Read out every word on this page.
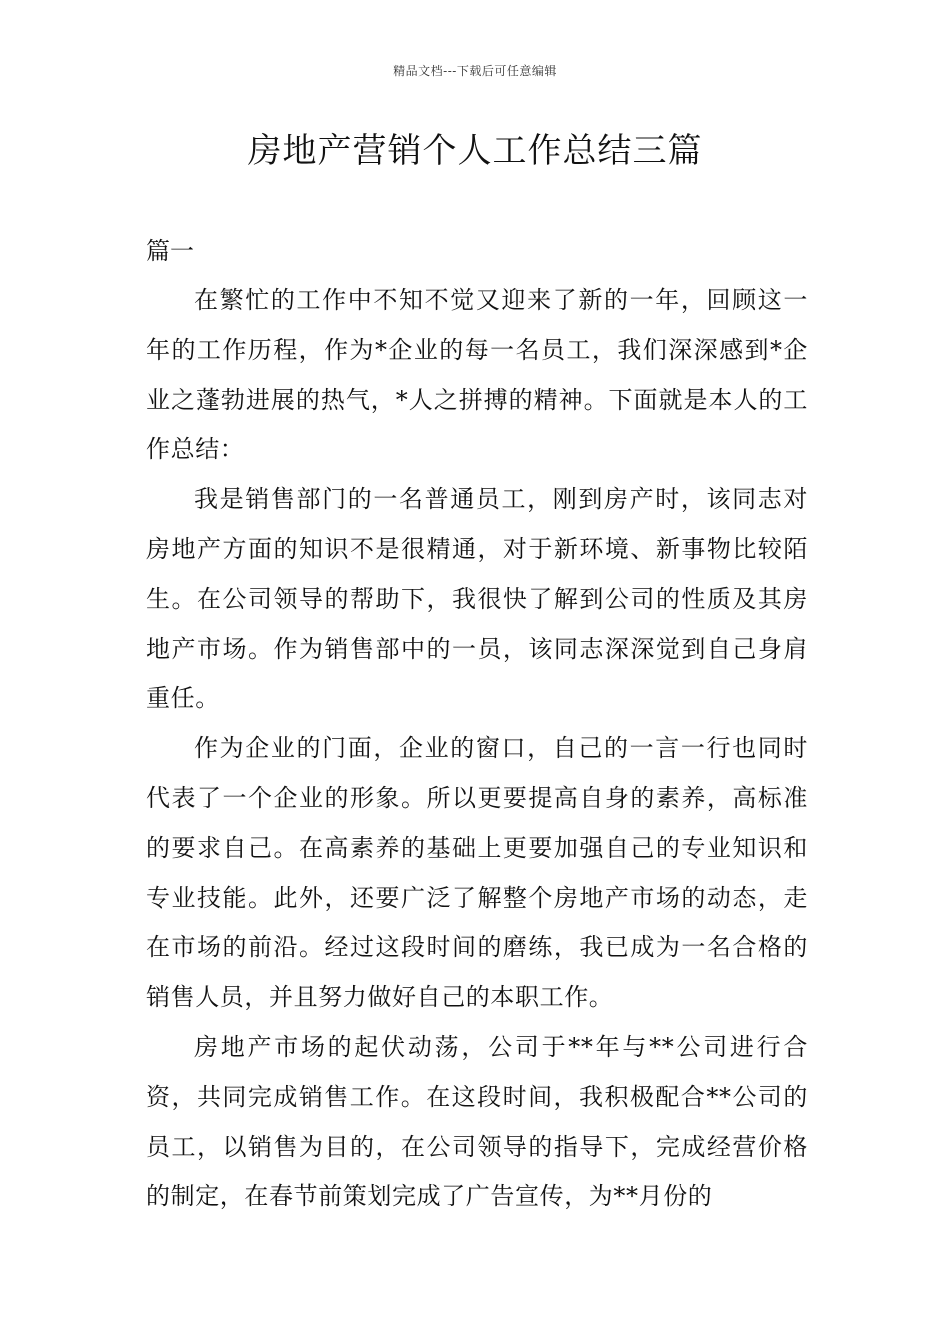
精品文档---下载后可任意编辑
房地产营销个人工作总结三篇

篇一

在繁忙的工作中不知不觉又迎来了新的一年，回顾这一年的工作历程，作为*企业的每一名员工，我们深深感到*企业之蓬勃进展的热气，*人之拼搏的精神。下面就是本人的工作总结：

我是销售部门的一名普通员工，刚到房产时，该同志对房地产方面的知识不是很精通，对于新环境、新事物比较陌生。在公司领导的帮助下，我很快了解到公司的性质及其房地产市场。作为销售部中的一员，该同志深深觉到自己身肩重任。

作为企业的门面，企业的窗口，自己的一言一行也同时代表了一个企业的形象。所以更要提高自身的素养，高标准的要求自己。在高素养的基础上更要加强自己的专业知识和专业技能。此外，还要广泛了解整个房地产市场的动态，走在市场的前沿。经过这段时间的磨练，我已成为一名合格的销售人员，并且努力做好自己的本职工作。

房地产市场的起伏动荡，公司于**年与**公司进行合资，共同完成销售工作。在这段时间，我积极配合**公司的员工，以销售为目的，在公司领导的指导下，完成经营价格的制定，在春节前策划完成了广告宣传，为**月份的
